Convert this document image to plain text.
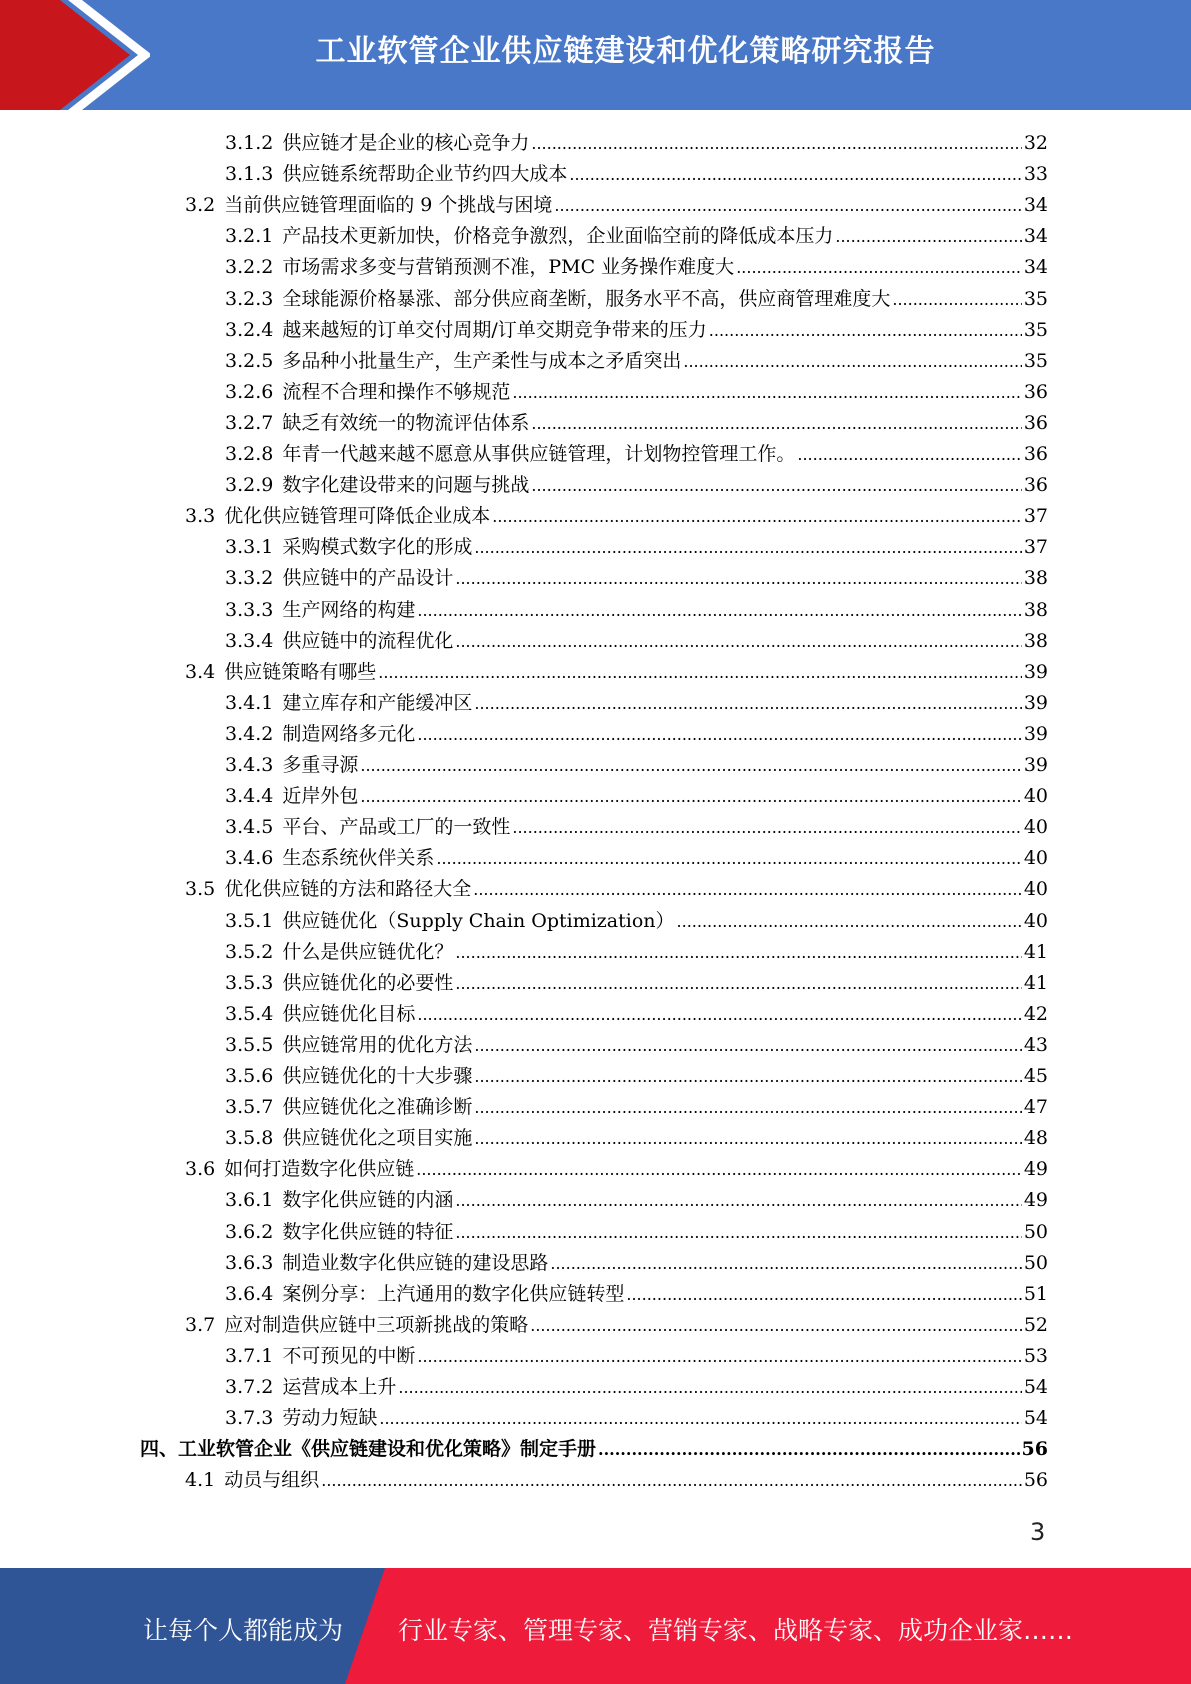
工业软管企业供应链建设和优化策略研究报告
3.1.2 供应链才是企业的核心竞争力 .....	32
3.1.3 供应链系统帮助企业节约四大成本 .....	33
3.2 当前供应链管理面临的 9 个挑战与困境 .....	34
3.2.1 产品技术更新加快，价格竞争激烈，企业面临空前的降低成本压力 .....	34
3.2.2 市场需求多变与营销预测不准，PMC 业务操作难度大 .....	34
3.2.3 全球能源价格暴涨、部分供应商垄断，服务水平不高，供应商管理难度大 .....	35
3.2.4 越来越短的订单交付周期/订单交期竞争带来的压力 .....	35
3.2.5 多品种小批量生产，生产柔性与成本之矛盾突出 .....	35
3.2.6 流程不合理和操作不够规范 .....	36
3.2.7 缺乏有效统一的物流评估体系 .....	36
3.2.8 年青一代越来越不愿意从事供应链管理，计划物控管理工作。 .....	36
3.2.9 数字化建设带来的问题与挑战 .....	36
3.3 优化供应链管理可降低企业成本 .....	37
3.3.1 采购模式数字化的形成 .....	37
3.3.2 供应链中的产品设计 .....	38
3.3.3 生产网络的构建 .....	38
3.3.4 供应链中的流程优化 .....	38
3.4 供应链策略有哪些 .....	39
3.4.1 建立库存和产能缓冲区 .....	39
3.4.2 制造网络多元化 .....	39
3.4.3 多重寻源 .....	39
3.4.4 近岸外包 .....	40
3.4.5 平台、产品或工厂的一致性 .....	40
3.4.6 生态系统伙伴关系 .....	40
3.5 优化供应链的方法和路径大全 .....	40
3.5.1 供应链优化（Supply Chain Optimization） .....	40
3.5.2 什么是供应链优化？ .....	41
3.5.3 供应链优化的必要性 .....	41
3.5.4 供应链优化目标 .....	42
3.5.5 供应链常用的优化方法 .....	43
3.5.6 供应链优化的十大步骤 .....	45
3.5.7 供应链优化之准确诊断 .....	47
3.5.8 供应链优化之项目实施 .....	48
3.6 如何打造数字化供应链 .....	49
3.6.1 数字化供应链的内涵 .....	49
3.6.2 数字化供应链的特征 .....	50
3.6.3 制造业数字化供应链的建设思路 .....	50
3.6.4 案例分享：上汽通用的数字化供应链转型 .....	51
3.7 应对制造供应链中三项新挑战的策略 .....	52
3.7.1 不可预见的中断 .....	53
3.7.2 运营成本上升 .....	54
3.7.3 劳动力短缺 .....	54
四、工业软管企业《供应链建设和优化策略》制定手册 .....	56
4.1 动员与组织 .....	56
3
让每个人都能成为 行业专家、管理专家、营销专家、战略专家、成功企业家……
